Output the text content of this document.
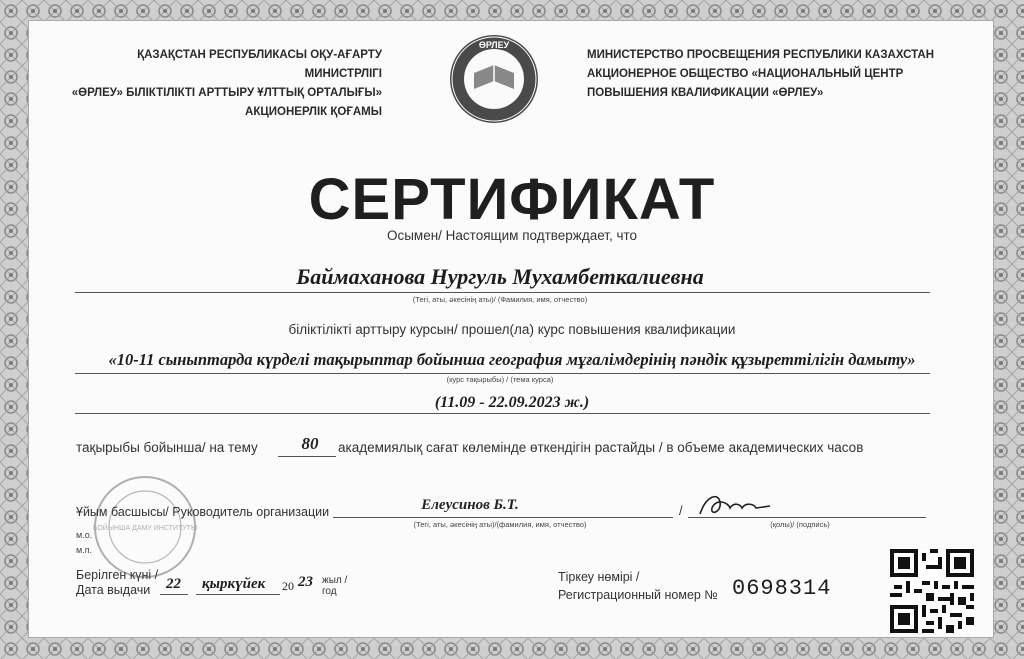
ҚАЗАҚСТАН РЕСПУБЛИКАСЫ ОҚУ-АҒАРТУ МИНИСТРЛІГІ
«ӨРЛЕУ» БІЛІКТІЛІКТІ АРТТЫРУ ҰЛТТЫҚ ОРТАЛЫҒЫ»
АКЦИОНЕРЛІК ҚОҒАМЫ
ӨРЛЕУ
МИНИСТЕРСТВО ПРОСВЕЩЕНИЯ РЕСПУБЛИКИ КАЗАХСТАН
АКЦИОНЕРНОЕ ОБЩЕСТВО «НАЦИОНАЛЬНЫЙ ЦЕНТР
ПОВЫШЕНИЯ КВАЛИФИКАЦИИ «ӨРЛЕУ»
СЕРТИФИКАТ
Осымен/ Настоящим подтверждает, что
Баймаханова Нургуль Мухамбеткалиевна
(Тегі, аты, әкесінің аты)/ (Фамилия, имя, отчество)
біліктілікті арттыру курсын/ прошел(ла) курс повышения квалификации
«10-11 сыныптарда күрделі тақырыптар бойынша география мұғалімдерінің пәндік құзыреттілігін дамыту»
(курс тақырыбы) / (тема курса)
(11.09 - 22.09.2023 ж.)
тақырыбы бойынша/ на тему	80	академиялық сағат көлемінде өткендігін растайды / в объеме академических часов
БОЙЫНША ДАМУ ИНСТИТУТЫ
Ұйым басшысы/ Руководитель организации	Елеусинов Б.Т.
(Тегі, аты, әкесінің аты)/(фамилия, имя, отчество)
/
(қолы)/ (подпись)
м.о.
м.п.
Берілген күні /
Дата выдачи	22 қыркүйек 20 23 жыл /
год
Тіркеу нөмірі /
Регистрационный номер № 0698314
